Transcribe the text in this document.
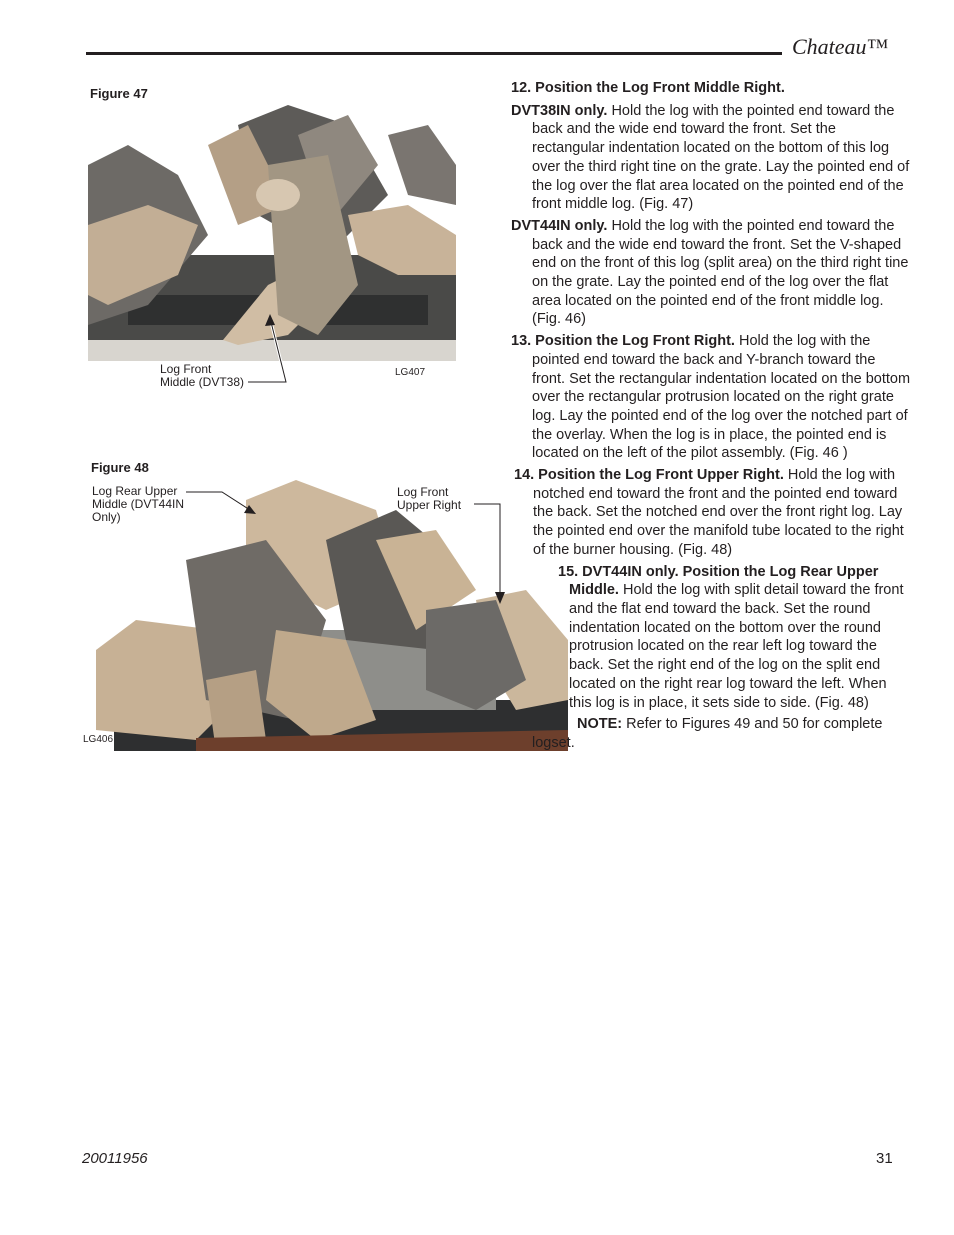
Chateau™
Figure 47
Log Front
Middle (DVT38)
LG407
Figure 48
Log Rear Upper
Middle (DVT44IN
Only)
Log Front
Upper Right
LG406

12. Position the Log Front Middle Right.

DVT38IN only. Hold the log with the pointed end toward the back and the wide end toward the front. Set the rectangular indentation located on the bottom of this log over the third right tine on the grate. Lay the pointed end of the log over the flat area located on the pointed end of the front middle log. (Fig. 47)

DVT44IN only. Hold the log with the pointed end toward the back and the wide end toward the front. Set the V-shaped end on the front of this log (split area) on the third right tine on the grate. Lay the pointed end of the log over the flat area located on the pointed end of the front middle log. (Fig. 46)

13. Position the Log Front Right. Hold the log with the pointed end toward the back and Y-branch toward the front. Set the rectangular indentation located on the bottom over the rectangular protrusion located on the right grate log. Lay the pointed end of the log over the notched part of the overlay. When the log is in place, the pointed end is located on the left of the pilot assembly. (Fig. 46 )

14. Position the Log Front Upper Right. Hold the log with notched end toward the front and the pointed end toward the back. Set the notched end over the front right log. Lay the pointed end over the manifold tube located to the right of the burner housing. (Fig. 48)

15. DVT44IN only. Position the Log Rear Upper Middle. Hold the log with split detail toward the front and the flat end toward the back. Set the round indentation located on the bottom over the round protrusion located on the rear left log toward the back. Set the right end of the log on the split end located on the right rear log toward the left. When this log is in place, it sets side to side. (Fig. 48)

NOTE: Refer to Figures 49 and 50 for complete logset.

20011956	31
